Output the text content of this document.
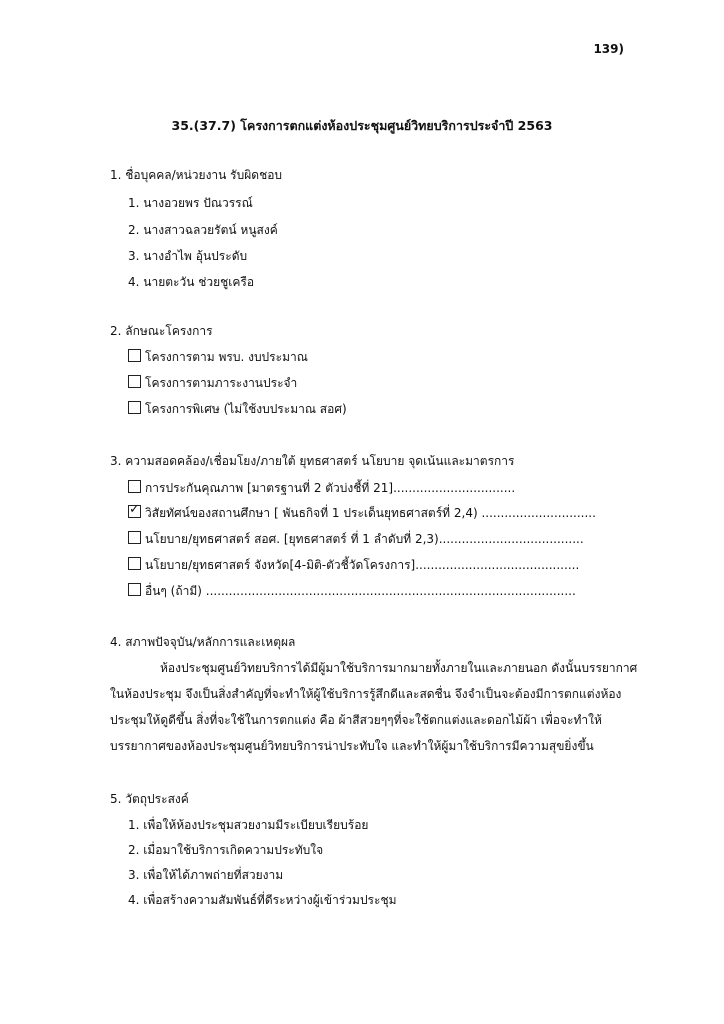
139)
35.(37.7) โครงการตกแต่งห้องประชุมศูนย์วิทยบริการประจำปี 2563
1. ชื่อบุคคล/หน่วยงาน รับผิดชอบ
1. นางอวยพร ปัณวรรณ์
2. นางสาวฉลวยรัตน์ หนูสงค์
3. นางอำไพ อุ้นประดับ
4. นายตะวัน ช่วยชูเครือ
2. ลักษณะโครงการ
โครงการตาม พรบ. งบประมาณ
โครงการตามภาระงานประจำ
โครงการพิเศษ (ไม่ใช้งบประมาณ สอศ)
3. ความสอดคล้อง/เชื่อมโยง/ภายใต้ ยุทธศาสตร์ นโยบาย จุดเน้นและมาตรการ
การประกันคุณภาพ [มาตรฐานที่ 2 ตัวบ่งชี้ที่ 21]................................
✓วิสัยทัศน์ของสถานศึกษา [ พันธกิจที่ 1 ประเด็นยุทธศาสตร์ที่ 2,4) ..............................
นโยบาย/ยุทธศาสตร์ สอศ. [ยุทธศาสตร์ ที่ 1 ลำดับที่ 2,3)......................................
นโยบาย/ยุทธศาสตร์ จังหวัด[4-มิติ-ตัวชี้วัดโครงการ]...........................................
อื่นๆ (ถ้ามี) .................................................................................................
4. สภาพปัจจุบัน/หลักการและเหตุผล
ห้องประชุมศูนย์วิทยบริการได้มีผู้มาใช้บริการมากมายทั้งภายในและภายนอก ดังนั้นบรรยากาศ
ในห้องประชุม จึงเป็นสิ่งสำคัญที่จะทำให้ผู้ใช้บริการรู้สึกดีและสดชื่น จึงจำเป็นจะต้องมีการตกแต่งห้อง
ประชุมให้ดูดีขึ้น สิ่งที่จะใช้ในการตกแต่ง คือ ผ้าสีสวยๆๆที่จะใช้ตกแต่งและดอกไม้ผ้า เพื่อจะทำให้
บรรยากาศของห้องประชุมศูนย์วิทยบริการน่าประทับใจ และทำให้ผู้มาใช้บริการมีความสุขยิ่งขึ้น
5. วัตถุประสงค์
1. เพื่อให้ห้องประชุมสวยงามมีระเบียบเรียบร้อย
2. เมื่อมาใช้บริการเกิดความประทับใจ
3. เพื่อให้ได้ภาพถ่ายที่สวยงาม
4. เพื่อสร้างความสัมพันธ์ที่ดีระหว่างผู้เข้าร่วมประชุม
